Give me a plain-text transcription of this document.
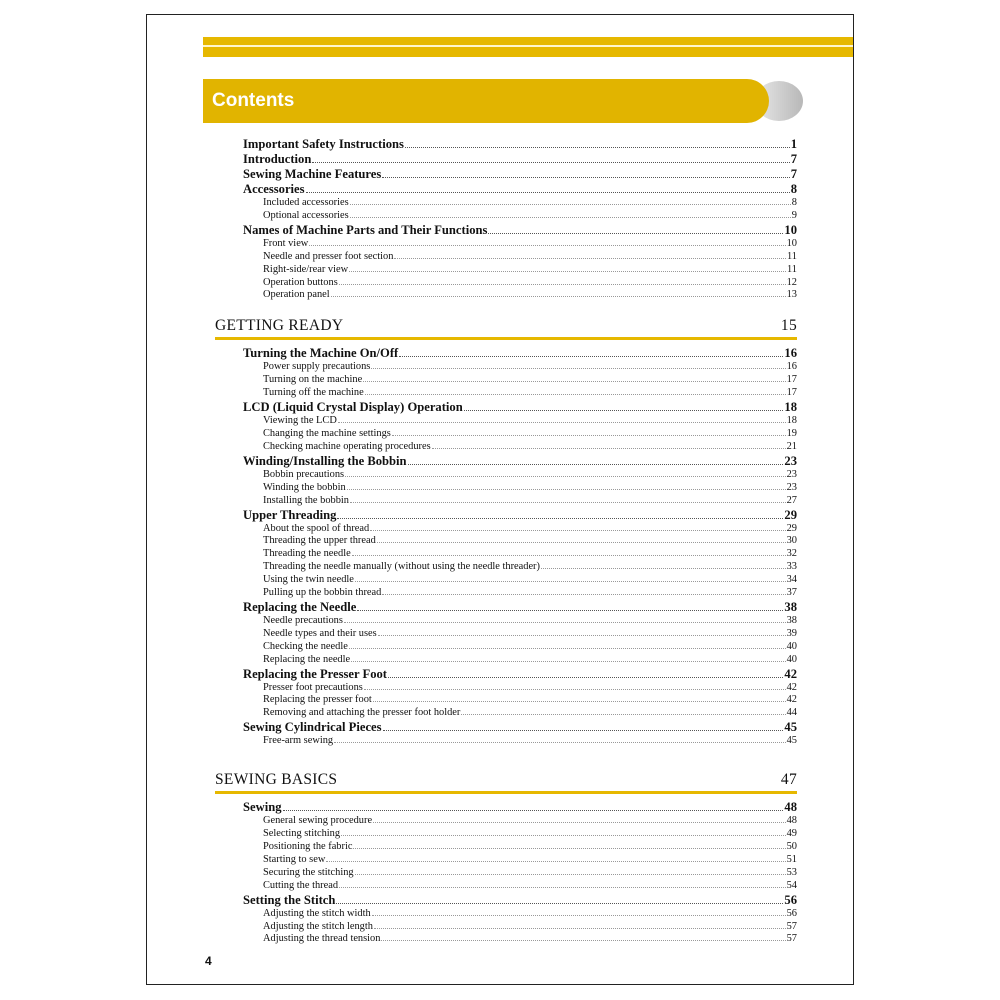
Contents
Important Safety Instructions	1
Introduction	7
Sewing Machine Features	7
Accessories	8
Included accessories	8
Optional accessories	9
Names of Machine Parts and Their Functions	10
Front view	10
Needle and presser foot section	11
Right-side/rear view	11
Operation buttons	12
Operation panel	13
GETTING READY	15
Turning the Machine On/Off	16
Power supply precautions	16
Turning on the machine	17
Turning off the machine	17
LCD (Liquid Crystal Display) Operation	18
Viewing the LCD	18
Changing the machine settings	19
Checking machine operating procedures	21
Winding/Installing the Bobbin	23
Bobbin precautions	23
Winding the bobbin	23
Installing the bobbin	27
Upper Threading	29
About the spool of thread	29
Threading the upper thread	30
Threading the needle	32
Threading the needle manually (without using the needle threader)	33
Using the twin needle	34
Pulling up the bobbin thread	37
Replacing the Needle	38
Needle precautions	38
Needle types and their uses	39
Checking the needle	40
Replacing the needle	40
Replacing the Presser Foot	42
Presser foot precautions	42
Replacing the presser foot	42
Removing and attaching the presser foot holder	44
Sewing Cylindrical Pieces	45
Free-arm sewing	45
SEWING BASICS	47
Sewing	48
General sewing procedure	48
Selecting stitching	49
Positioning the fabric	50
Starting to sew	51
Securing the stitching	53
Cutting the thread	54
Setting the Stitch	56
Adjusting the stitch width	56
Adjusting the stitch length	57
Adjusting the thread tension	57
4
